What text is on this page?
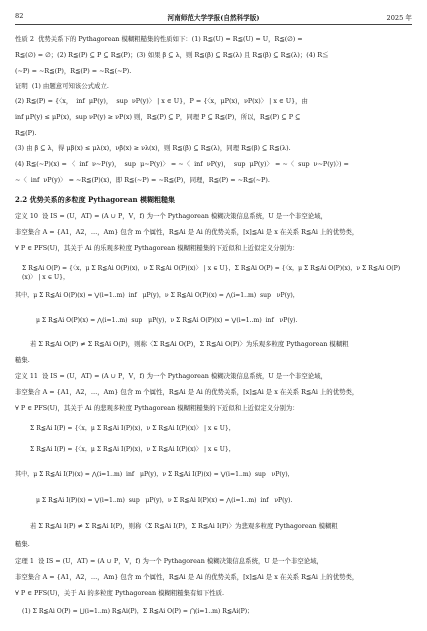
82	河南师范大学学报(自然科学版)	2025 年
性质 2  优势关系下的 Pythagorean 模糊粗糙集的性质如下：(1) R≦(U) = R≦(U) = U，R≦(∅) =
R≦(∅) = ∅；(2) R≦(P) ⊆ P ⊆ R≦(P)；(3) 如果 β ⊆ λ，则 R≦(β) ⊆ R≦(λ) 且 R≦(β) ⊆ R≦(λ)；(4) R≦
(∼P) = ∼R≦(P)，R≦(P) = ∼R≦(∼P).
证明  (1) 由题意可知该公式成立.
(2) R≦(P) = {〈x，  inf  μP(y)，  sup  νP(y)〉 | x ∈ U}，P = {〈x，μP(x)，νP(x)〉 | x ∈ U}，由
inf μP(y) ≤ μP(x)，sup νP(y) ≥ νP(x) 则，R≦(P) ⊆ P，同理 P ⊆ R≦(P)，所以，R≦(P) ⊆ P ⊆
R≦(P).
(3) 由 β ⊆ λ，得 μβ(x) ≤ μλ(x)，νβ(x) ≥ νλ(x)，则 R≦(β) ⊆ R≦(λ)，同理 R≦(β) ⊆ R≦(λ).
(4) R≦(∼P)(x) = 〈  inf  ν∼P(y)，  sup  μ∼P(y)〉 = ∼〈  inf  νP(y)，  sup  μP(y)〉 = ∼〈  sup  ν∼P(y)〉) =
∼〈  inf  νP(y)〉 = ∼R≦(P)(x)，即 R≦(∼P) = ∼R≦(P)，同理，R≦(P) = ∼R≦(∼P).
2.2 优势关系的多粒度 Pythagorean 模糊粗糙集
定义 10  设 IS = (U，AT) = (A ∪ P，V，f) 为一个 Pythagorean 模糊决策信息系统，U 是一个非空论域，
非空集合 A = {A1，A2，…，Am} 包含 m 个属性，R≦Ai 是 Ai 的优势关系，[x]≦Ai 是 x 在关系 R≦Ai 上的优势类，
∀ P ∈ PFS(U)，其关于 Ai 的乐观多粒度 Pythagorean 模糊粗糙集的下近似和上近似定义分别为：
Σ R≦Ai O(P) = {〈x，μ Σ R≦Ai O(P)(x)，ν Σ R≦Ai O(P)(x)〉 | x ∈ U}，Σ R≦Ai O(P) = {〈x，μ Σ R≦Ai O(P)(x)，ν Σ R≦Ai O(P)(x)〉 | x ∈ U}，
其中，μ Σ R≦Ai O(P)(x) = ⋁(i=1..m)  inf   μP(y)，ν Σ R≦Ai O(P)(x) = ⋀(i=1..m)  sup   νP(y)，
μ Σ R≦Ai O(P)(x) = ⋀(i=1..m)  sup   μP(y)，ν Σ R≦Ai O(P)(x) = ⋁(i=1..m)  inf   νP(y).
若 Σ R≦Ai O(P) ≠ Σ R≦Ai O(P)，则称〈Σ R≦Ai O(P)，Σ R≦Ai O(P)〉为乐观多粒度 Pythagorean 模糊粗
糙集.
定义 11  设 IS = (U，AT) = (A ∪ P，V，f) 为一个 Pythagorean 模糊决策信息系统，U 是一个非空论域，
非空集合 A = {A1，A2，…，Am} 包含 m 个属性，R≦Ai 是 Ai 的优势关系，[x]≦Ai 是 x 在关系 R≦Ai 上的优势类，
∀ P ∈ PFS(U)，其关于 Ai 的悲观多粒度 Pythagorean 模糊粗糙集的下近似和上近似定义分别为：
Σ R≦Ai I(P) = {〈x，μ Σ R≦Ai I(P)(x)，ν Σ R≦Ai I(P)(x)〉 | x ∈ U}，
Σ R≦Ai I(P) = {〈x，μ Σ R≦Ai I(P)(x)，ν Σ R≦Ai I(P)(x)〉 | x ∈ U}，
其中，μ Σ R≦Ai I(P)(x) = ⋀(i=1..m)  inf   μP(y)，ν Σ R≦Ai I(P)(x) = ⋁(i=1..m)  sup   νP(y)，
μ Σ R≦Ai I(P)(x) = ⋁(i=1..m)  sup   μP(y)，ν Σ R≦Ai I(P)(x) = ⋀(i=1..m)  inf   νP(y).
若 Σ R≦Ai I(P) ≠ Σ R≦Ai I(P)，则称〈Σ R≦Ai I(P)，Σ R≦Ai I(P)〉为悲观多粒度 Pythagorean 模糊粗
糙集.
定理 1  设 IS = (U，AT) = (A ∪ P，V，f) 为一个 Pythagorean 模糊决策信息系统，U 是一个非空论域，
非空集合 A = {A1，A2，…，Am} 包含 m 个属性，R≦Ai 是 Ai 的优势关系，[x]≦Ai 是 x 在关系 R≦Ai 上的优势类，
∀ P ∈ PFS(U)，关于 Ai 的多粒度 Pythagorean 模糊粗糙集有如下性质.
(1) Σ R≦Ai O(P) = ⋃(i=1..m) R≦Ai(P)，Σ R≦Ai O(P) = ⋂(i=1..m) R≦Ai(P)；
